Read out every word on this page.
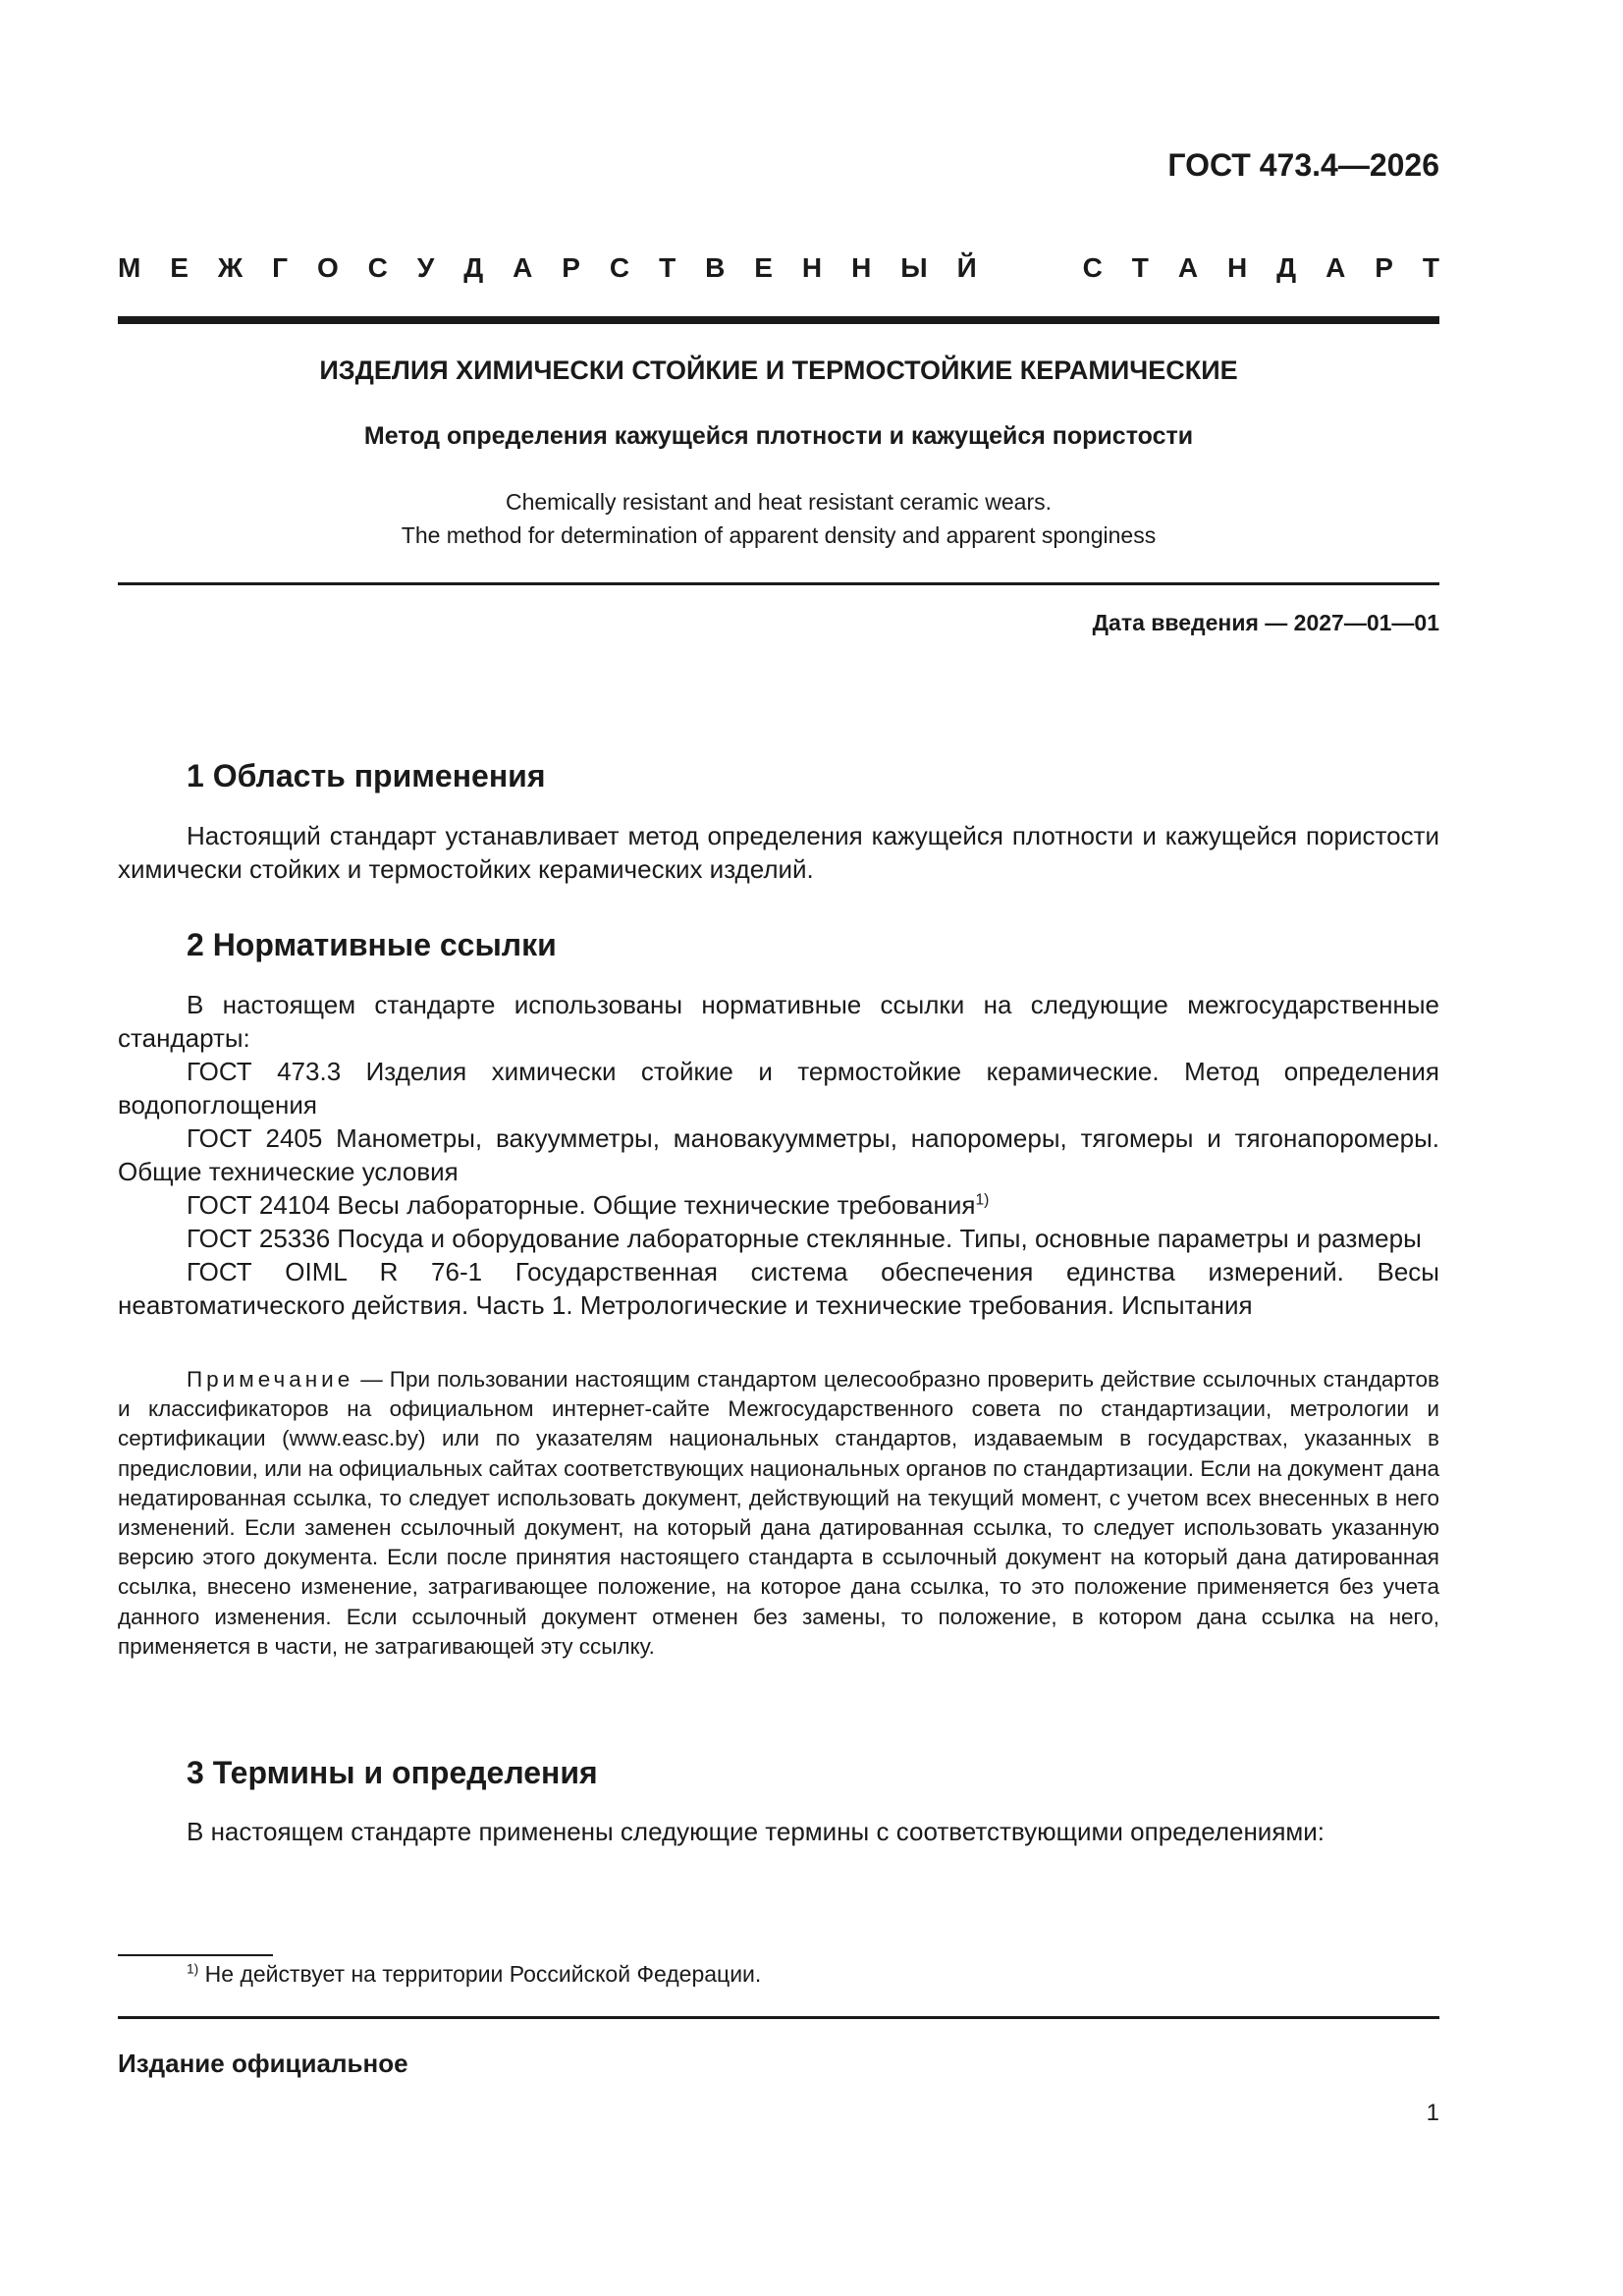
ГОСТ 473.4—2026
М Е Ж Г О С У Д А Р С Т В Е Н Н Ы Й	С Т А Н Д А Р Т
ИЗДЕЛИЯ ХИМИЧЕСКИ СТОЙКИЕ И ТЕРМОСТОЙКИЕ КЕРАМИЧЕСКИЕ
Метод определения кажущейся плотности и кажущейся пористости
Chemically resistant and heat resistant ceramic wears.
The method for determination of apparent density and apparent sponginess
Дата введения — 2027—01—01
1 Область применения

Настоящий стандарт устанавливает метод определения кажущейся плотности и кажущейся пористости химически стойких и термостойких керамических изделий.

2 Нормативные ссылки
В настоящем стандарте использованы нормативные ссылки на следующие межгосударственные стандарты:
ГОСТ 473.3 Изделия химически стойкие и термостойкие керамические. Метод определения водопоглощения
ГОСТ 2405 Манометры, вакуумметры, мановакуумметры, напоромеры, тягомеры и тягонапоромеры. Общие технические условия
ГОСТ 24104 Весы лабораторные. Общие технические требования$^{1)}$
ГОСТ 25336 Посуда и оборудование лабораторные стеклянные. Типы, основные параметры и размеры
ГОСТ OIML R 76-1 Государственная система обеспечения единства измерений. Весы неавтоматического действия. Часть 1. Метрологические и технические требования. Испытания

Примечание — При пользовании настоящим стандартом целесообразно проверить действие ссылочных стандартов и классификаторов на официальном интернет-сайте Межгосударственного совета по стандартизации, метрологии и сертификации (www.easc.by) или по указателям национальных стандартов, издаваемым в государствах, указанных в предисловии, или на официальных сайтах соответствующих национальных органов по стандартизации. Если на документ дана недатированная ссылка, то следует использовать документ, действующий на текущий момент, с учетом всех внесенных в него изменений. Если заменен ссылочный документ, на который дана датированная ссылка, то следует использовать указанную версию этого документа. Если после принятия настоящего стандарта в ссылочный документ на который дана датированная ссылка, внесено изменение, затрагивающее положение, на которое дана ссылка, то это положение применяется без учета данного изменения. Если ссылочный документ отменен без замены, то положение, в котором дана ссылка на него, применяется в части, не затрагивающей эту ссылку.

3 Термины и определения

В настоящем стандарте применены следующие термины с соответствующими определениями:

$^{1)}$ Не действует на территории Российской Федерации.
Издание официальное
1
